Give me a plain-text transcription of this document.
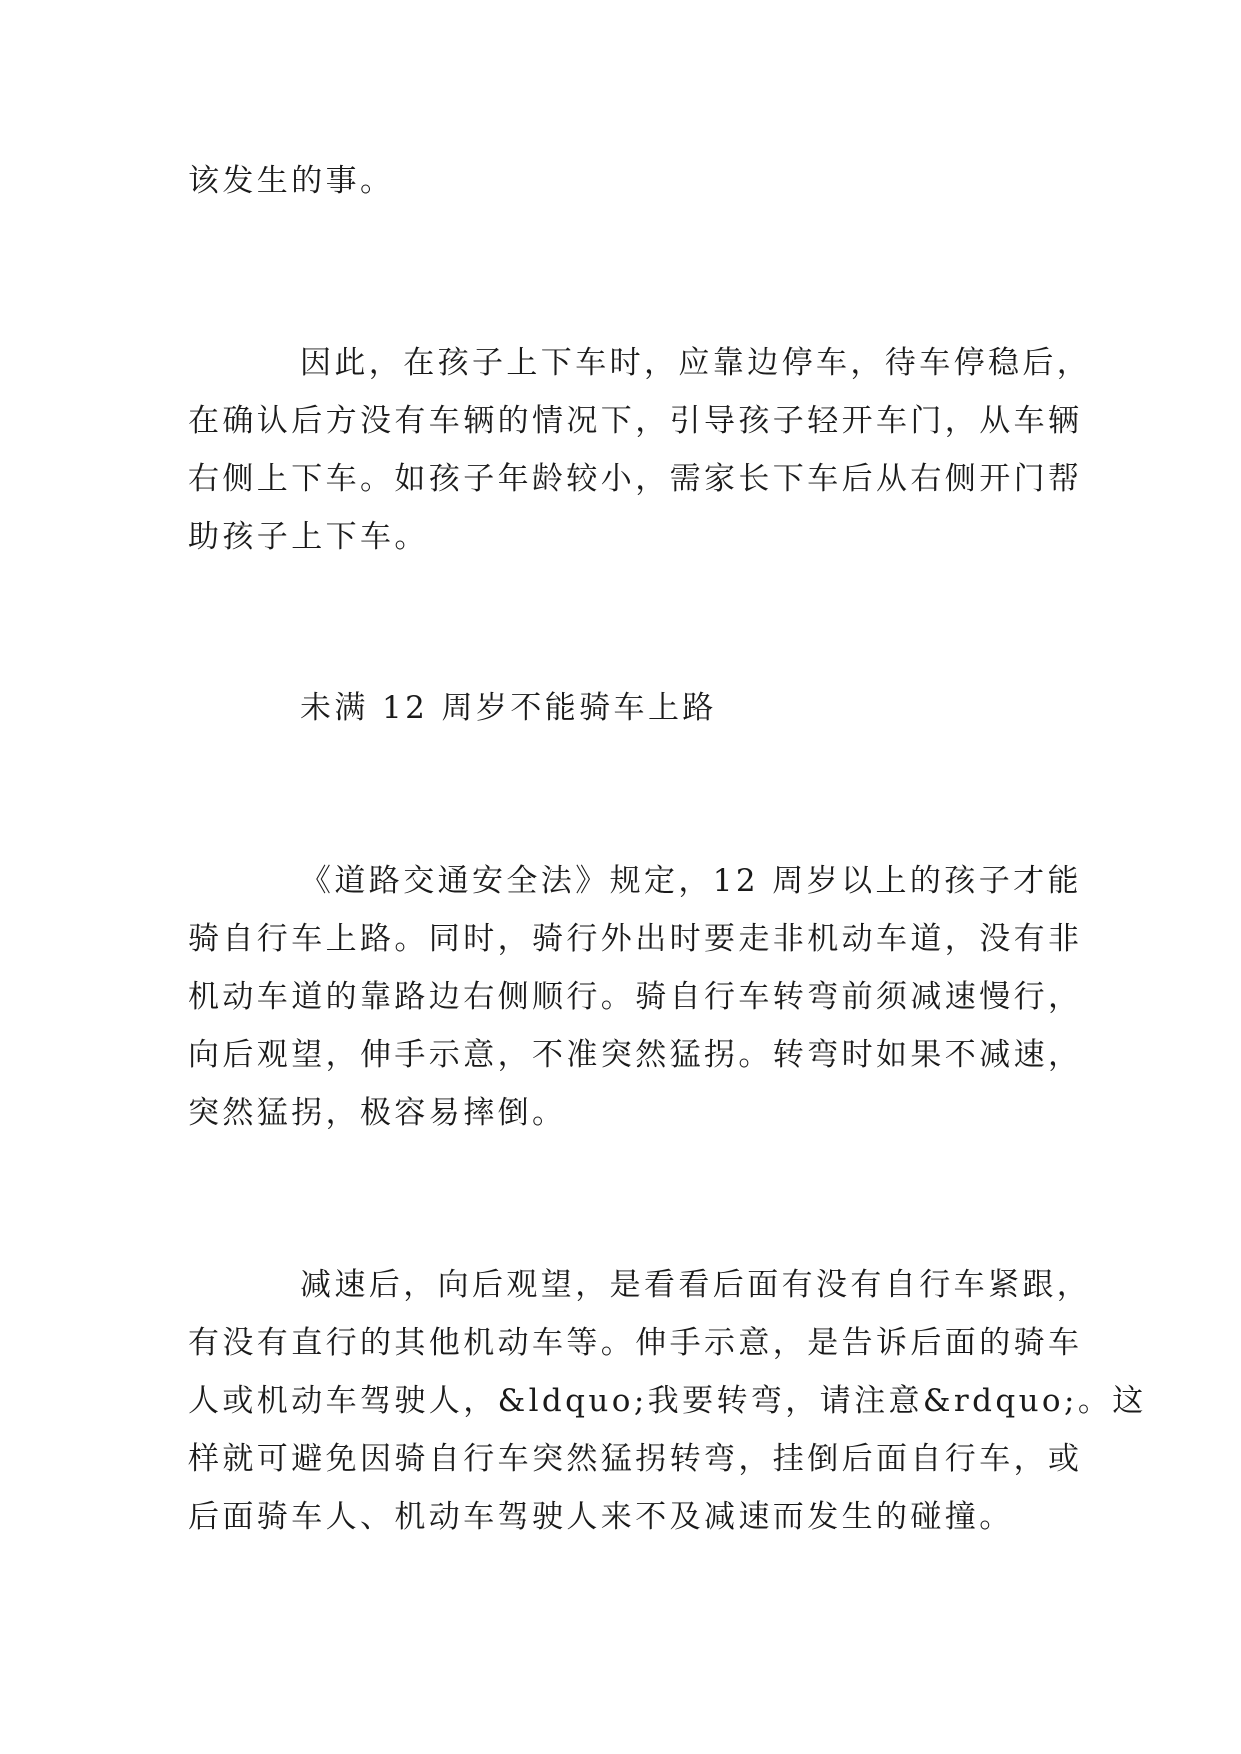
该发生的事。

因此，在孩子上下车时，应靠边停车，待车停稳后，
在确认后方没有车辆的情况下，引导孩子轻开车门，从车辆
右侧上下车。如孩子年龄较小，需家长下车后从右侧开门帮
助孩子上下车。

未满 12 周岁不能骑车上路

《道路交通安全法》规定，12 周岁以上的孩子才能
骑自行车上路。同时，骑行外出时要走非机动车道，没有非
机动车道的靠路边右侧顺行。骑自行车转弯前须减速慢行，
向后观望，伸手示意，不准突然猛拐。转弯时如果不减速，
突然猛拐，极容易摔倒。

减速后，向后观望，是看看后面有没有自行车紧跟，
有没有直行的其他机动车等。伸手示意，是告诉后面的骑车
人或机动车驾驶人，&ldquo;我要转弯，请注意&rdquo;。这
样就可避免因骑自行车突然猛拐转弯，挂倒后面自行车，或
后面骑车人、机动车驾驶人来不及减速而发生的碰撞。
